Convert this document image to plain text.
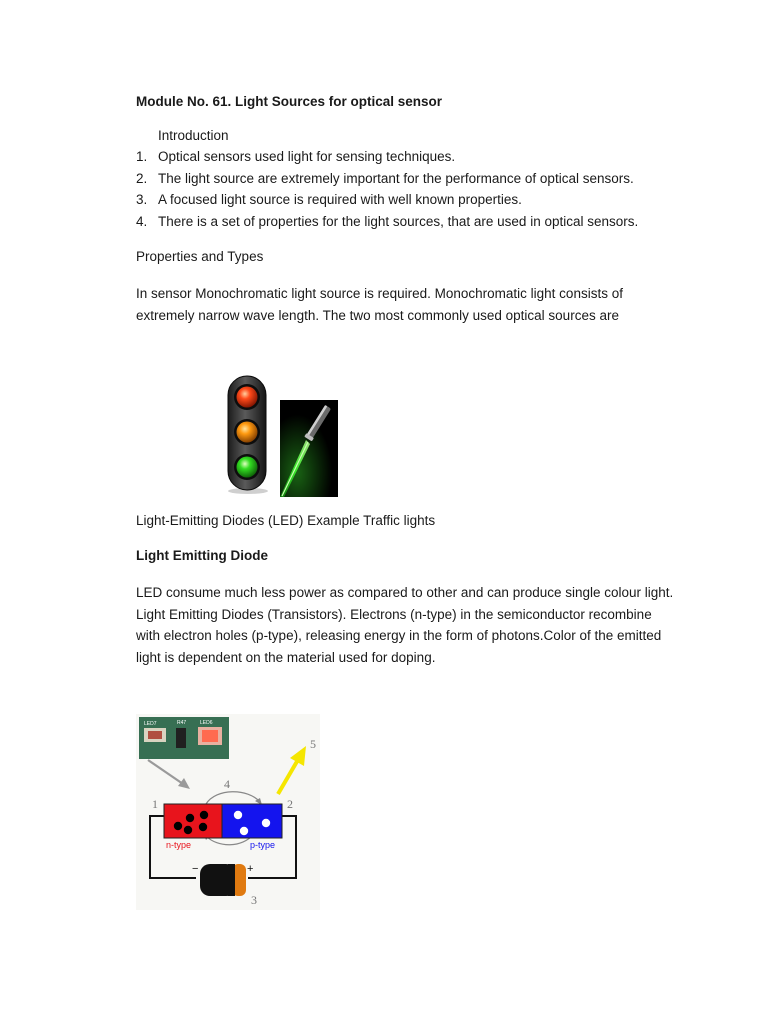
Module No. 61. Light Sources for optical sensor
Introduction
1. Optical sensors used light for sensing techniques.
2. The light source are extremely important for the performance of optical sensors.
3. A focused light source is required with well known properties.
4. There is a set of properties for the light sources, that are used in optical sensors.
Properties and Types
In sensor Monochromatic light source is required. Monochromatic light consists of
extremely narrow wave length. The two most commonly used optical sources are
Light-Emitting Diodes (LED) Example Traffic lights
Light Emitting Diode
LED consume much less power as compared to other and can produce single colour light.
Light Emitting Diodes (Transistors). Electrons (n-type) in the semiconductor recombine
with electron holes (p-type), releasing energy in the form of photons.Color of the emitted
light is dependent on the material used for doping.
LED7	R47	LED6
n-type	p-type
1	2
3
4
5
−	+
